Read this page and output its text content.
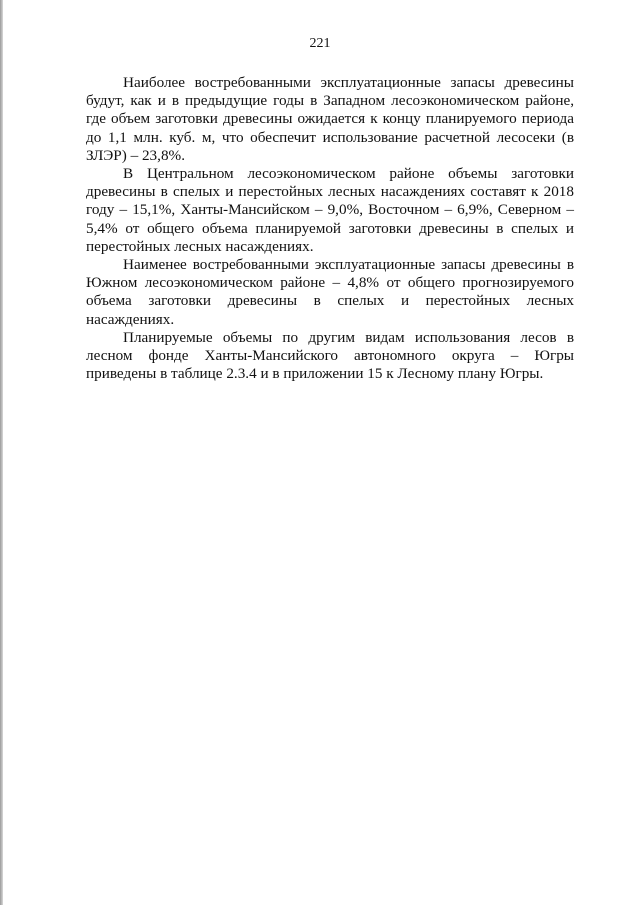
221

Наиболее востребованными эксплуатационные запасы древесины будут, как и в предыдущие годы в Западном лесоэкономическом районе, где объем заготовки древесины ожидается к концу планируемого периода до 1,1 млн. куб. м, что обеспечит использование расчетной лесосеки (в ЗЛЭР) – 23,8%.

В Центральном лесоэкономическом районе объемы заготовки древесины в спелых и перестойных лесных насаждениях составят к 2018 году – 15,1%, Ханты-Мансийском – 9,0%, Восточном – 6,9%, Северном – 5,4% от общего объема планируемой заготовки древесины в спелых и перестойных лесных насаждениях.

Наименее востребованными эксплуатационные запасы древесины в Южном лесоэкономическом районе – 4,8% от общего прогнозируемого объема заготовки древесины в спелых и перестойных лесных насаждениях.

Планируемые объемы по другим видам использования лесов в лесном фонде Ханты-Мансийского автономного округа – Югры приведены в таблице 2.3.4 и в приложении 15 к Лесному плану Югры.
